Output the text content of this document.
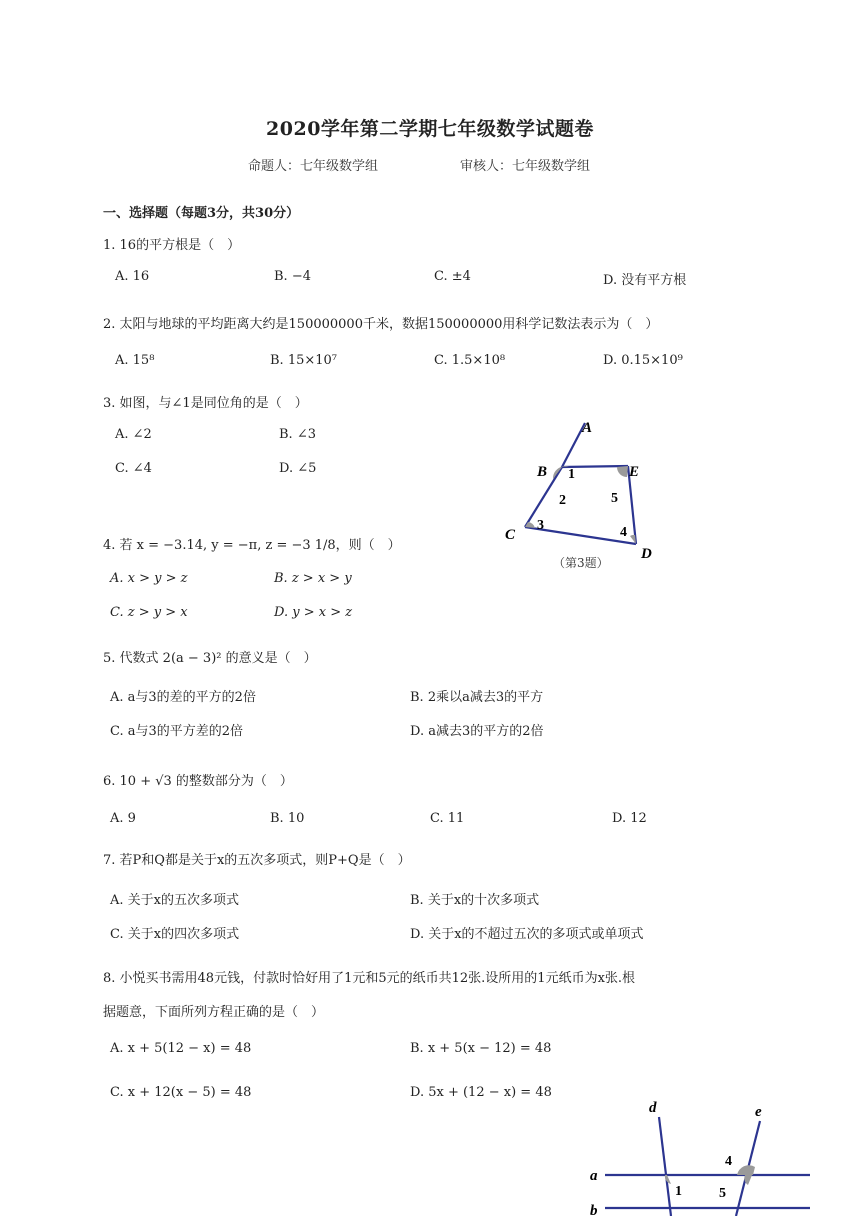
2020学年第二学期七年级数学试题卷
命题人：七年级数学组	审核人：七年级数学组
一、选择题（每题3分，共30分）
1. 16的平方根是（　）
A. 16	B. −4	C. ±4	D. 没有平方根
2. 太阳与地球的平均距离大约是150000000千米，数据150000000用科学记数法表示为（　）
A. 15⁸	B. 15×10⁷	C. 1.5×10⁸	D. 0.15×10⁹
3. 如图，与∠1是同位角的是（　）
A. ∠2	B. ∠3
C. ∠4	D. ∠5
A
B
C
D
E
1
2
3	4
5
（第3题）
4. 若 x = −3.14, y = −π, z = −3 1/8，则（　）
A. x > y > z	B. z > x > y
C. z > y > x	D. y > x > z
5. 代数式 2(a − 3)² 的意义是（　）
A. a与3的差的平方的2倍	B. 2乘以a减去3的平方
C. a与3的平方差的2倍	D. a减去3的平方的2倍
6. 10 + √3 的整数部分为（　）
A. 9	B. 10	C. 11	D. 12
7. 若P和Q都是关于x的五次多项式，则P+Q是（　）
A. 关于x的五次多项式	B. 关于x的十次多项式
C. 关于x的四次多项式	D. 关于x的不超过五次的多项式或单项式
8. 小悦买书需用48元钱，付款时恰好用了1元和5元的纸币共12张.设所用的1元纸币为x张.根
据题意，下面所列方程正确的是（　）
A. x + 5(12 − x) = 48	B. x + 5(x − 12) = 48
C. x + 12(x − 5) = 48	D. 5x + (12 − x) = 48
a
b
d	e
1
4
5
